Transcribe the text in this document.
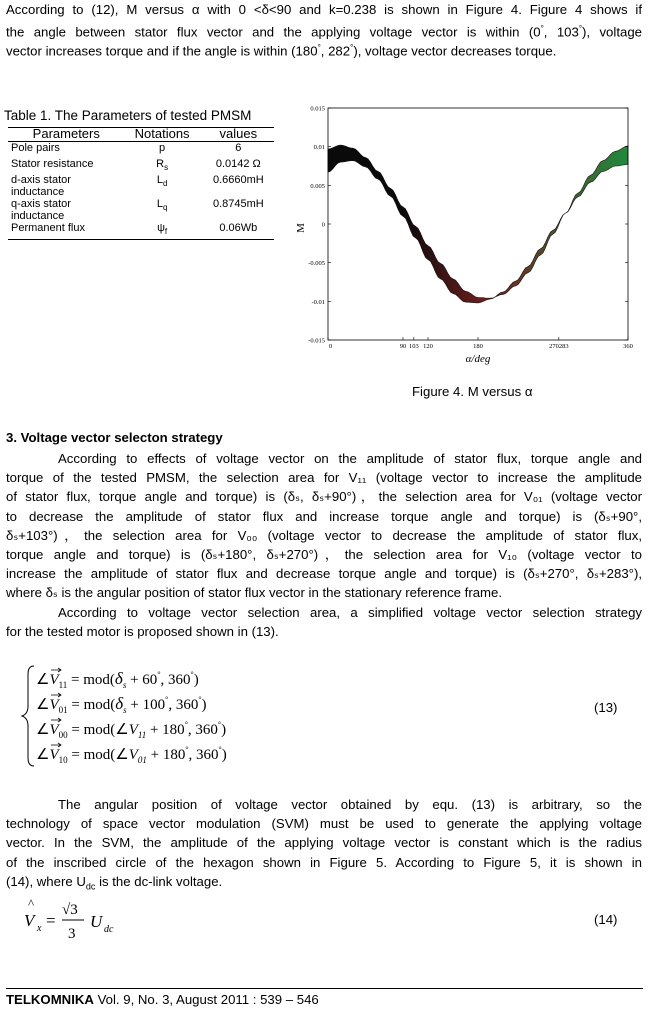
According to (12), M versus α with 0 <δ<90 and k=0.238 is shown in Figure 4. Figure 4 shows if

the angle between stator flux vector and the applying voltage vector is within (0°, 103°), voltage

vector increases torque and if the angle is within (180°, 282°), voltage vector decreases torque.

Table 1. The Parameters of tested PMSM

Parameters	Notations	values
Pole pairs	p	6
Stator resistance	$R_s$	0.0142 Ω
d-axis stator inductance	$L_d$	0.6660mH
q-axis stator inductance	$L_q$	0.8745mH
Permanent flux	$\psi_f$	0.06Wb
0.015
0.01
0.005
0
-0.005
-0.01
-0.015
0	90 103 120	180	270283	360
α/deg
M

Figure 4. M versus α

3. Voltage vector selecton strategy

According to effects of voltage vector on the amplitude of stator flux, torque angle and

torque of the tested PMSM, the selection area for V₁₁ (voltage vector to increase the amplitude

of stator flux, torque angle and torque) is (δₛ, δₛ+90°)，the selection area for V₀₁ (voltage vector

to decrease the amplitude of stator flux and increase torque angle and torque) is (δₛ+90°,

δₛ+103°)，the selection area for V₀₀ (voltage vector to decrease the amplitude of stator flux,

torque angle and torque) is (δₛ+180°, δₛ+270°)，the selection area for V₁₀ (voltage vector to

increase the amplitude of stator flux and decrease torque angle and torque) is (δₛ+270°, δₛ+283°),

where δₛ is the angular position of stator flux vector in the stationary reference frame.

According to voltage vector selection area, a simplified voltage vector selection strategy

for the tested motor is proposed shown in (13).

$\angle V_{11} = mod(\delta_s + 60^\circ$, 360°)
$\angle V_{01} = mod(\delta_s + 100^\circ$, 360°)
$\angle V_{00}$ = $mod(\angle V_{11} + 180^\circ$, 360°)
$\angle V_{10}$ = $mod(\angle V_{01} + 180^\circ$, 360°)

(13)

The angular position of voltage vector obtained by equ. (13) is arbitrary, so the

technology of space vector modulation (SVM) must be used to generate the applying voltage

vector. In the SVM, the amplitude of the applying voltage vector is constant which is the radius

of the inscribed circle of the hexagon shown in Figure 5. According to Figure 5, it is shown in

(14), where $U_{dc}$ is the dc-link voltage.

V
^
x =
√3
3
U dc

(14)

TELKOMNIKA Vol. 9, No. 3, August 2011 : 539 – 546
